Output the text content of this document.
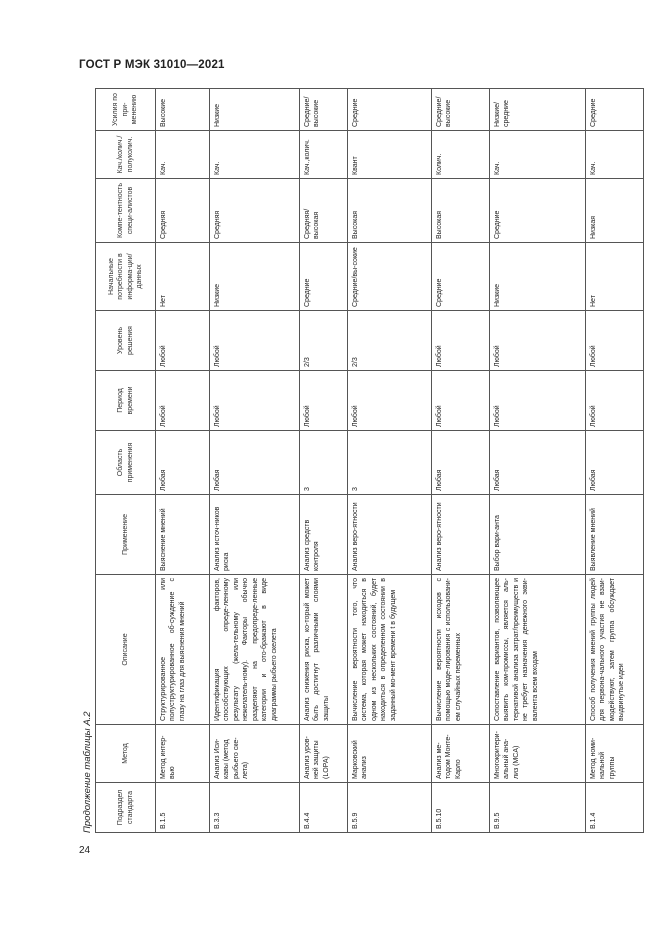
ГОСТ Р МЭК 31010—2021
Продолжение таблицы А.2	Подраздел стандарта	Метод	Описание	Применение	Область применения	Период времени	Уровень решения	Начальные потребности в информа-ции/данных	Компе-тентность специ-алистов	Кач./колич./полуколич.	Усилия по при-менению
В.1.5	Метод интер-вью	Структурированное или полуструктурированное об-суждение с глазу на глаз для выяснения мнений	Выяснение мнений	Любая	Любой	Любой	Нет	Средняя	Кач.	Высокие
В.3.3	Анализ Иси-кавы (метод рыбьего ске-лета)	Идентификация факторов, способствующих опреде-ленному результату (жела-тельному или нежелатель-ному). Факторы обычно разделяют на предопреде-ленные категории и ото-бражают в виде диаграммы рыбьего скелета	Анализ источ-ников риска	Любая	Любой	Любой	Низкие	Средняя	Кач.	Низкие
В.4.4	Анализ уров-ней защиты (LOPA)	Анализ снижения риска, ко-торый может быть достигнут различными слоями защиты	Анализ средств контроля	3	Любой	2/3	Средние	Средняя/высокая	Кач.,колич.	Средние/высокие
В.5.9	Марковский анализ	Вычисление вероятности того, что система, которая может находиться в одном из нескольких состояний, будет находиться в определенном состоянии в заданный мо-мент времени t в будущем	Анализ веро-ятности	3	Любой	2/3	Средние/вы-сокие	Высокая	Квант	Средние
В.5.10	Анализ ме-тодом Монте-Карло	Вычисление вероятности исходов с помощью моде-лирования с использовани-ем случайных переменных	Анализ веро-ятности	Любая	Любой	Любой	Средние	Высокая	Колич.	Средние/высокие
В.9.5	Многокритери-альный ана-лиз (MCA)	Сопоставление вариантов, позволяющее выявить ком-промиссы, является аль-тернативой анализа затрат/преимуществ и не требует назначения денежного экви-валента всем входам	Выбор вари-анта	Любая	Любой	Любой	Низкие	Средние	Кач.	Низкие/средние
В.1.4	Метод номи-нальной группы	Способ получения мнений группы людей для первона-чального участия не взаи-модействуют, затем группа обсуждает выдвинутые идеи	Выявление мнений	Любая	Любой	Любой	Нет	Низкая	Кач.	Средние
24
